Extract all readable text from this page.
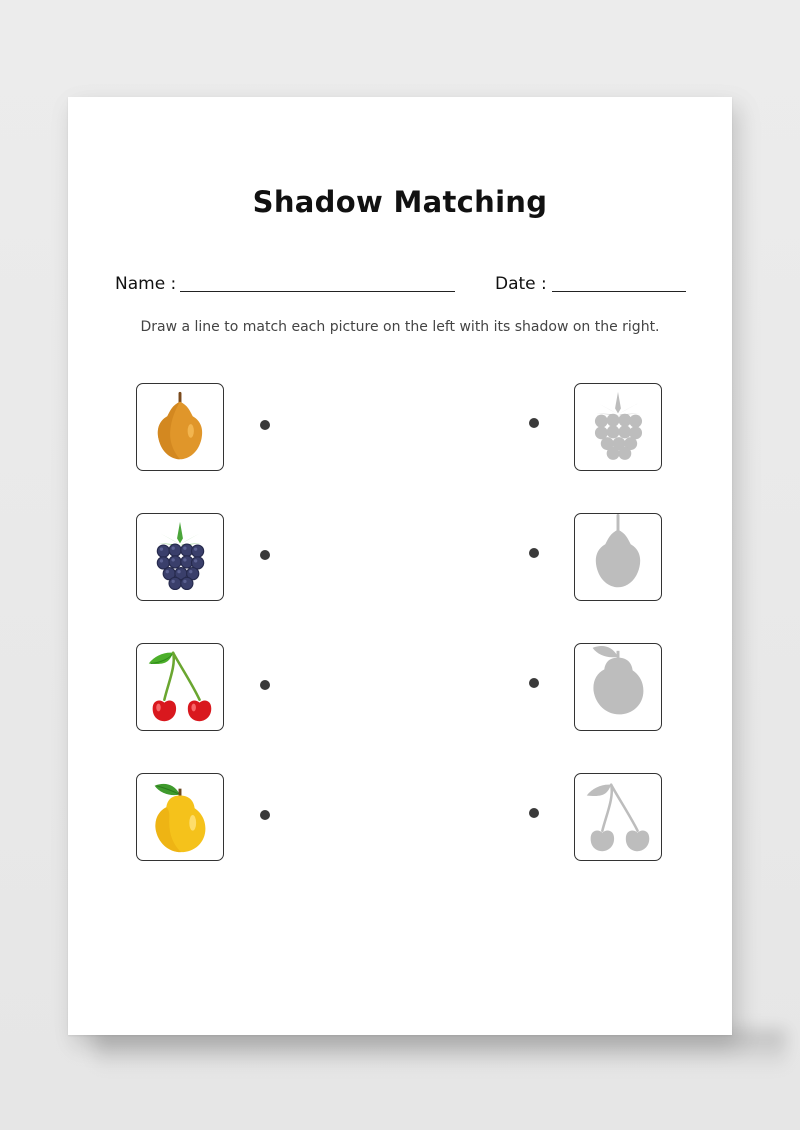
Shadow Matching
Name :	Date :
Draw a line to match each picture on the left with its shadow on the right.
